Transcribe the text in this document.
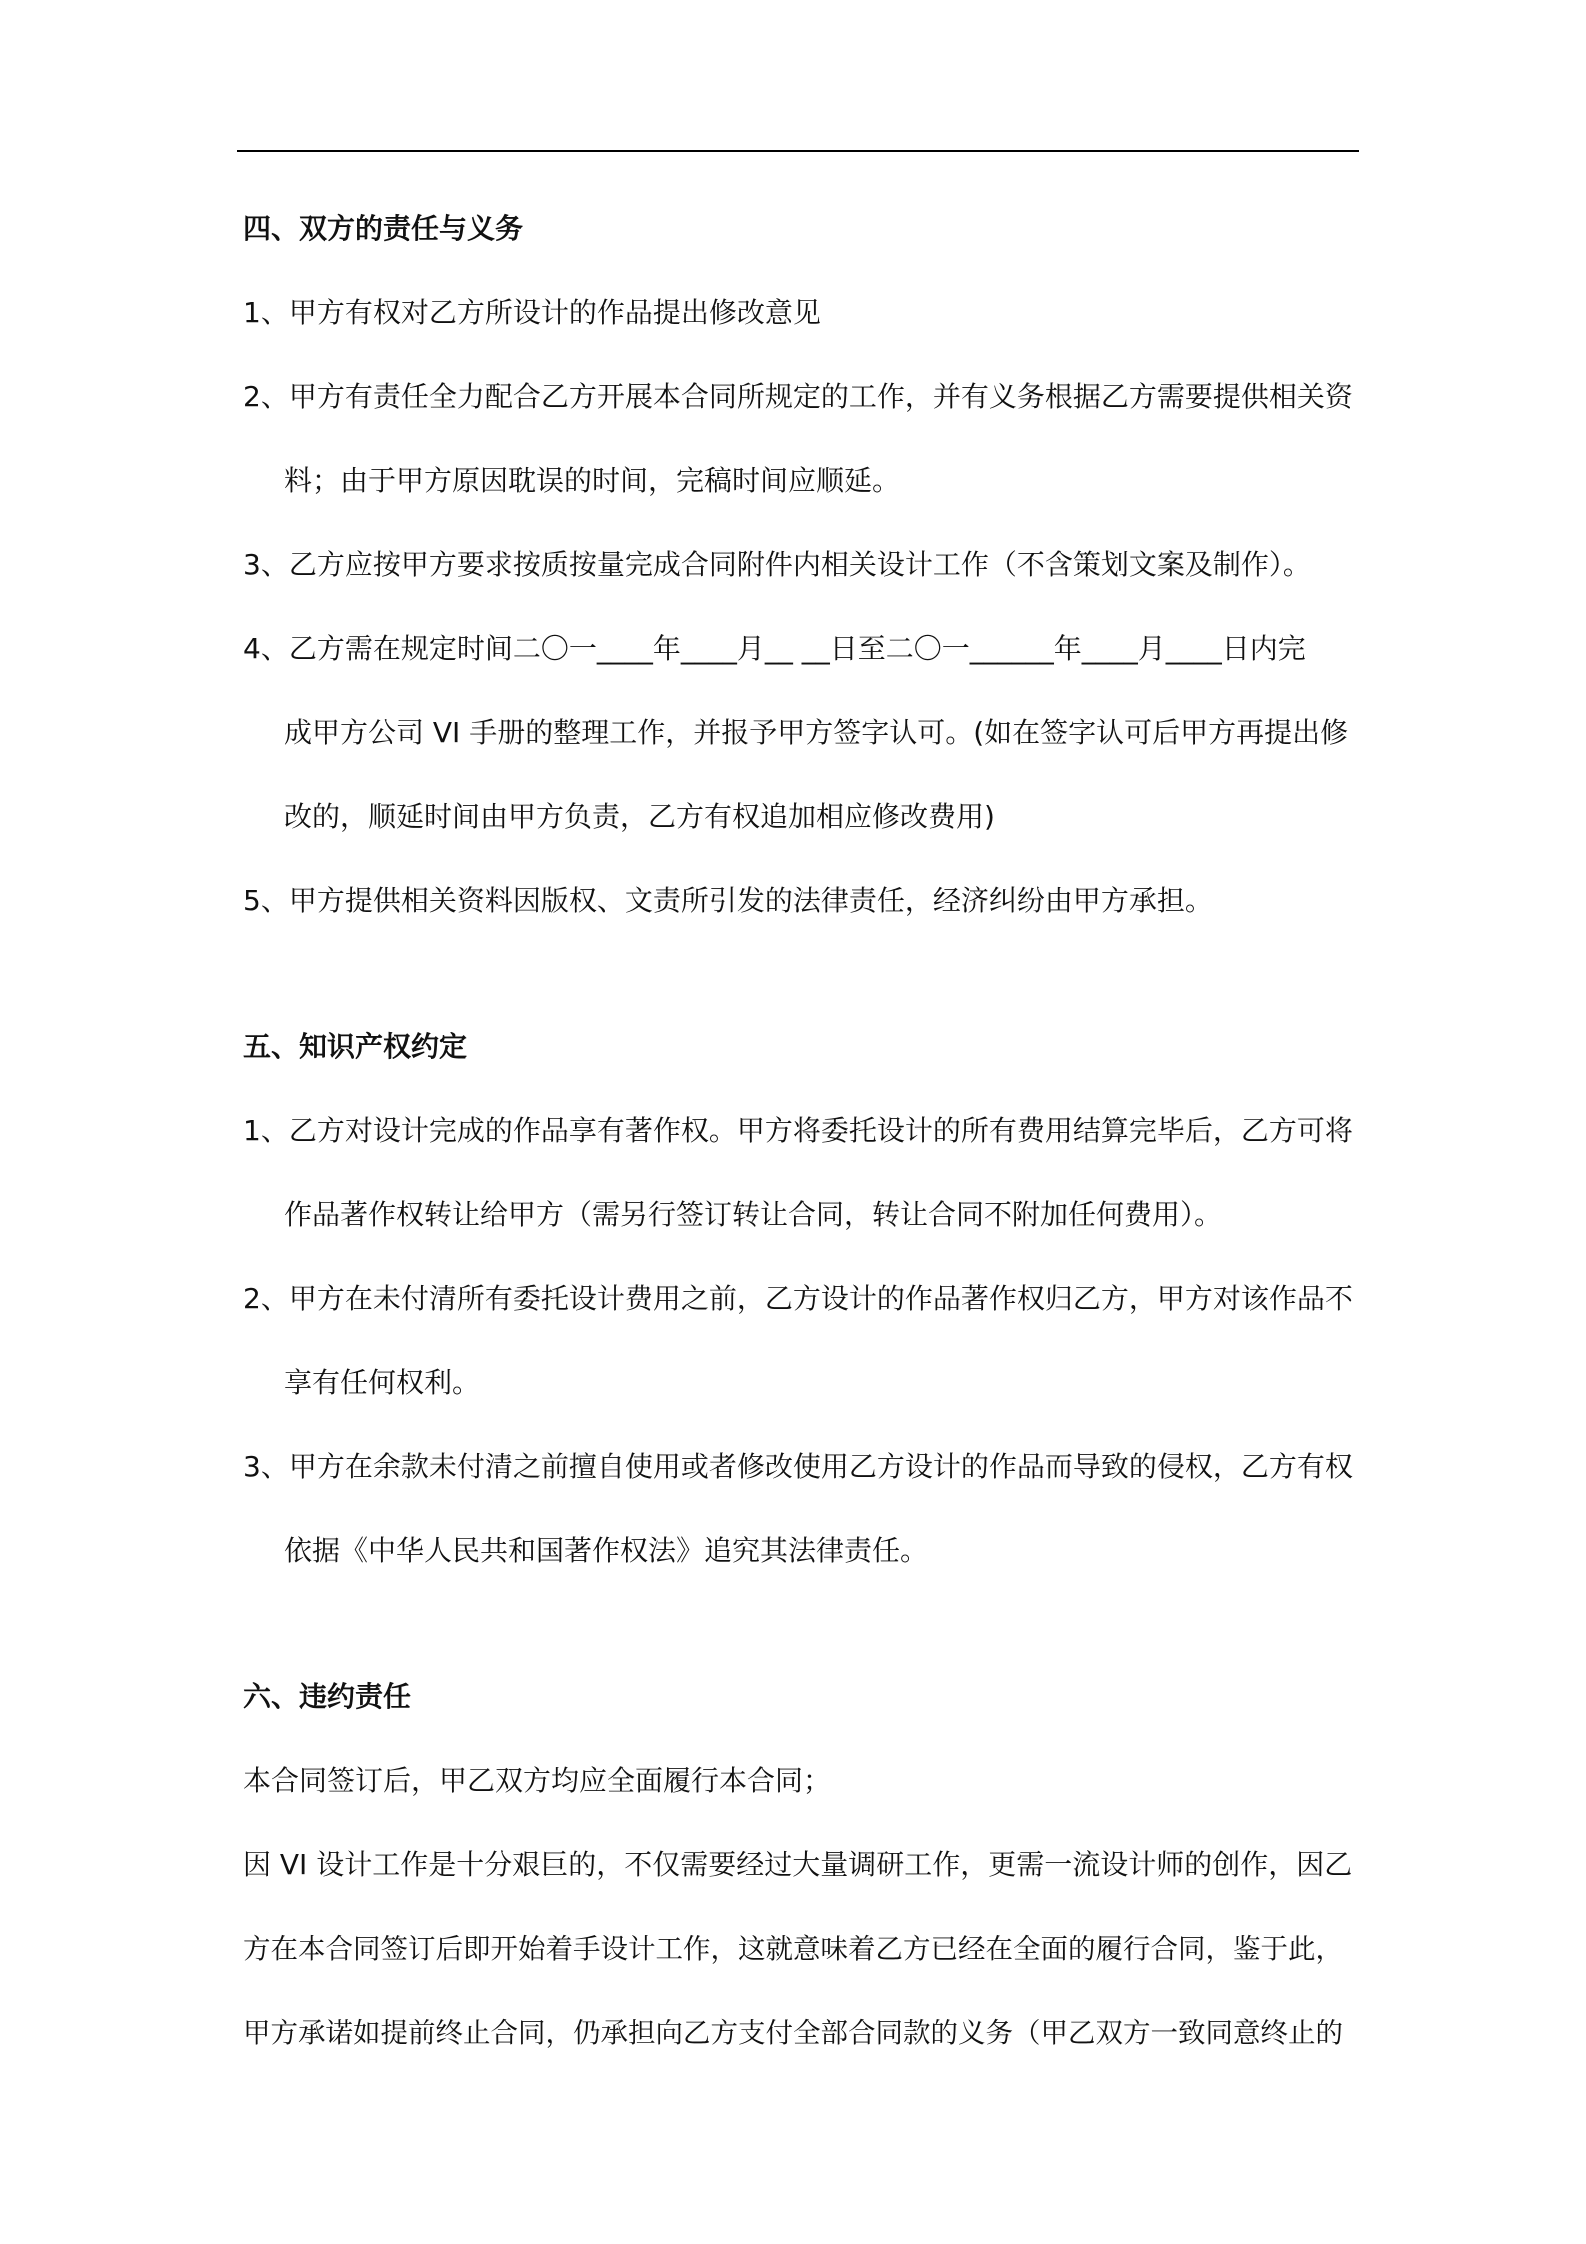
四、双方的责任与义务
1、甲方有权对乙方所设计的作品提出修改意见
2、甲方有责任全力配合乙方开展本合同所规定的工作，并有义务根据乙方需要提供相关资
料；由于甲方原因耽误的时间，完稿时间应顺延。
3、乙方应按甲方要求按质按量完成合同附件内相关设计工作（不含策划文案及制作）。
4、乙方需在规定时间二〇一____年____月__ __日至二〇一______年____月____日内完
成甲方公司 VI 手册的整理工作，并报予甲方签字认可。(如在签字认可后甲方再提出修
改的，顺延时间由甲方负责，乙方有权追加相应修改费用)
5、甲方提供相关资料因版权、文责所引发的法律责任，经济纠纷由甲方承担。
五、知识产权约定
1、乙方对设计完成的作品享有著作权。甲方将委托设计的所有费用结算完毕后，乙方可将
作品著作权转让给甲方（需另行签订转让合同，转让合同不附加任何费用）。
2、甲方在未付清所有委托设计费用之前，乙方设计的作品著作权归乙方，甲方对该作品不
享有任何权利。
3、甲方在余款未付清之前擅自使用或者修改使用乙方设计的作品而导致的侵权，乙方有权
依据《中华人民共和国著作权法》追究其法律责任。
六、违约责任
本合同签订后，甲乙双方均应全面履行本合同；
因 VI 设计工作是十分艰巨的，不仅需要经过大量调研工作，更需一流设计师的创作，因乙
方在本合同签订后即开始着手设计工作，这就意味着乙方已经在全面的履行合同，鉴于此，
甲方承诺如提前终止合同，仍承担向乙方支付全部合同款的义务（甲乙双方一致同意终止的
